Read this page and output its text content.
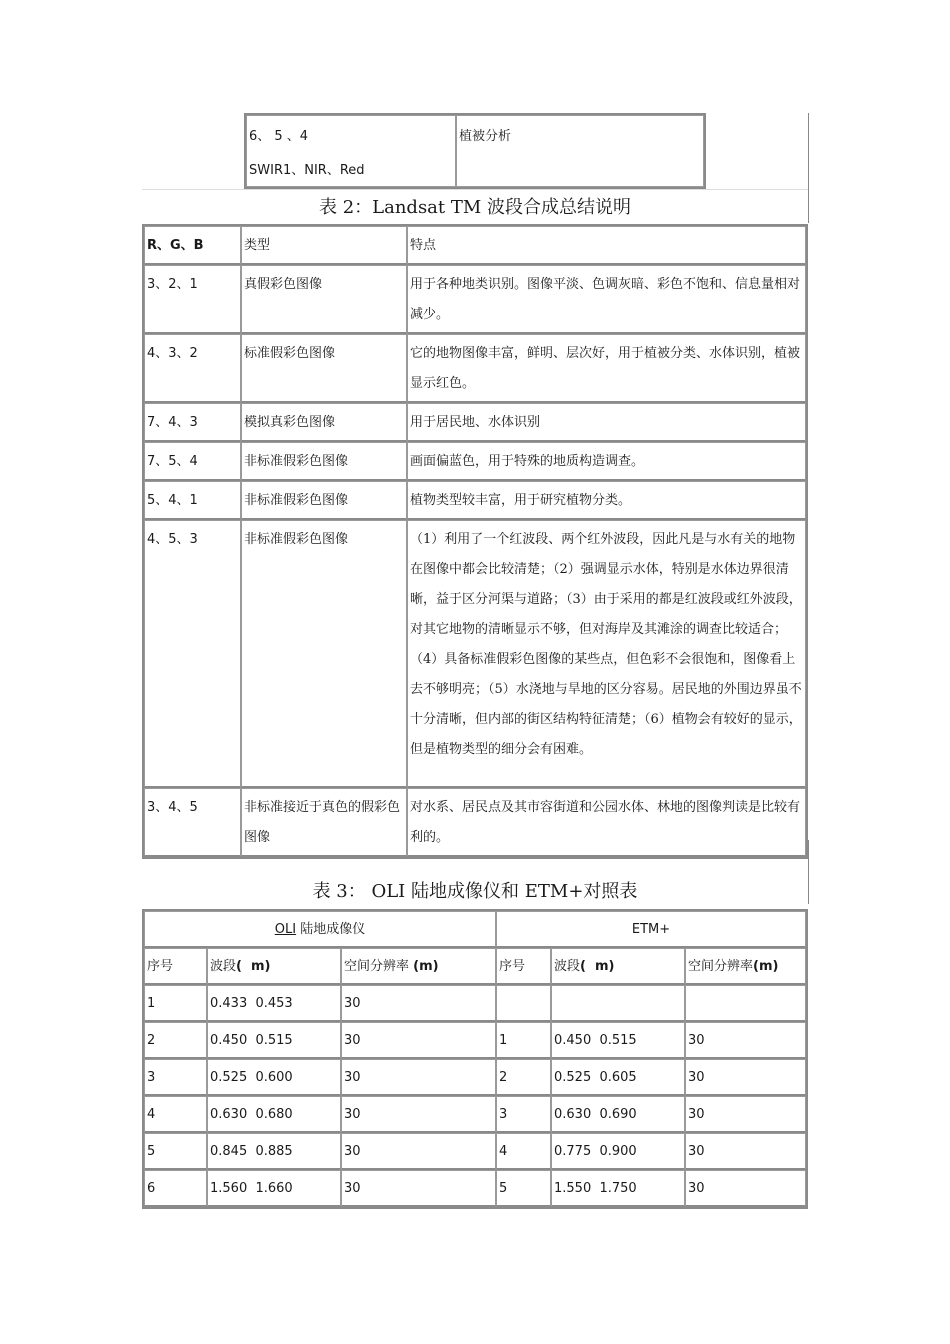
6、 5 、4
SWIR1、NIR、Red
	植被分析
表 2：Landsat TM 波段合成总结说明
R、G、B	类型	特点
3、2、1	真假彩色图像	用于各种地类识别。图像平淡、色调灰暗、彩色不饱和、信息量相对减少。
4、3、2	标准假彩色图像	它的地物图像丰富，鲜明、层次好，用于植被分类、水体识别，植被显示红色。
7、4、3	模拟真彩色图像	用于居民地、水体识别
7、5、4	非标准假彩色图像	画面偏蓝色，用于特殊的地质构造调查。
5、4、1	非标准假彩色图像	植物类型较丰富，用于研究植物分类。
4、5、3	非标准假彩色图像	（1）利用了一个红波段、两个红外波段，因此凡是与水有关的地物在图像中都会比较清楚；（2）强调显示水体，特别是水体边界很清晰，益于区分河渠与道路；（3）由于采用的都是红波段或红外波段，对其它地物的清晰显示不够，但对海岸及其滩涂的调查比较适合；（4）具备标准假彩色图像的某些点，但色彩不会很饱和，图像看上去不够明亮；（5）水浇地与旱地的区分容易。居民地的外围边界虽不十分清晰，但内部的街区结构特征清楚；（6）植物会有较好的显示，但是植物类型的细分会有困难。
3、4、5	非标准接近于真色的假彩色图像	对水系、居民点及其市容街道和公园水体、林地的图像判读是比较有利的。
表 3： OLI 陆地成像仪和 ETM+对照表
OLI 陆地成像仪			ETM+		
序号	波段(  m)	空间分辨率 (m)	序号	波段(  m)	空间分辨率(m)
1	0.433  0.453	30			
2	0.450  0.515	30	1	0.450  0.515	30
3	0.525  0.600	30	2	0.525  0.605	30
4	0.630  0.680	30	3	0.630  0.690	30
5	0.845  0.885	30	4	0.775  0.900	30
6	1.560  1.660	30	5	1.550  1.750	30
